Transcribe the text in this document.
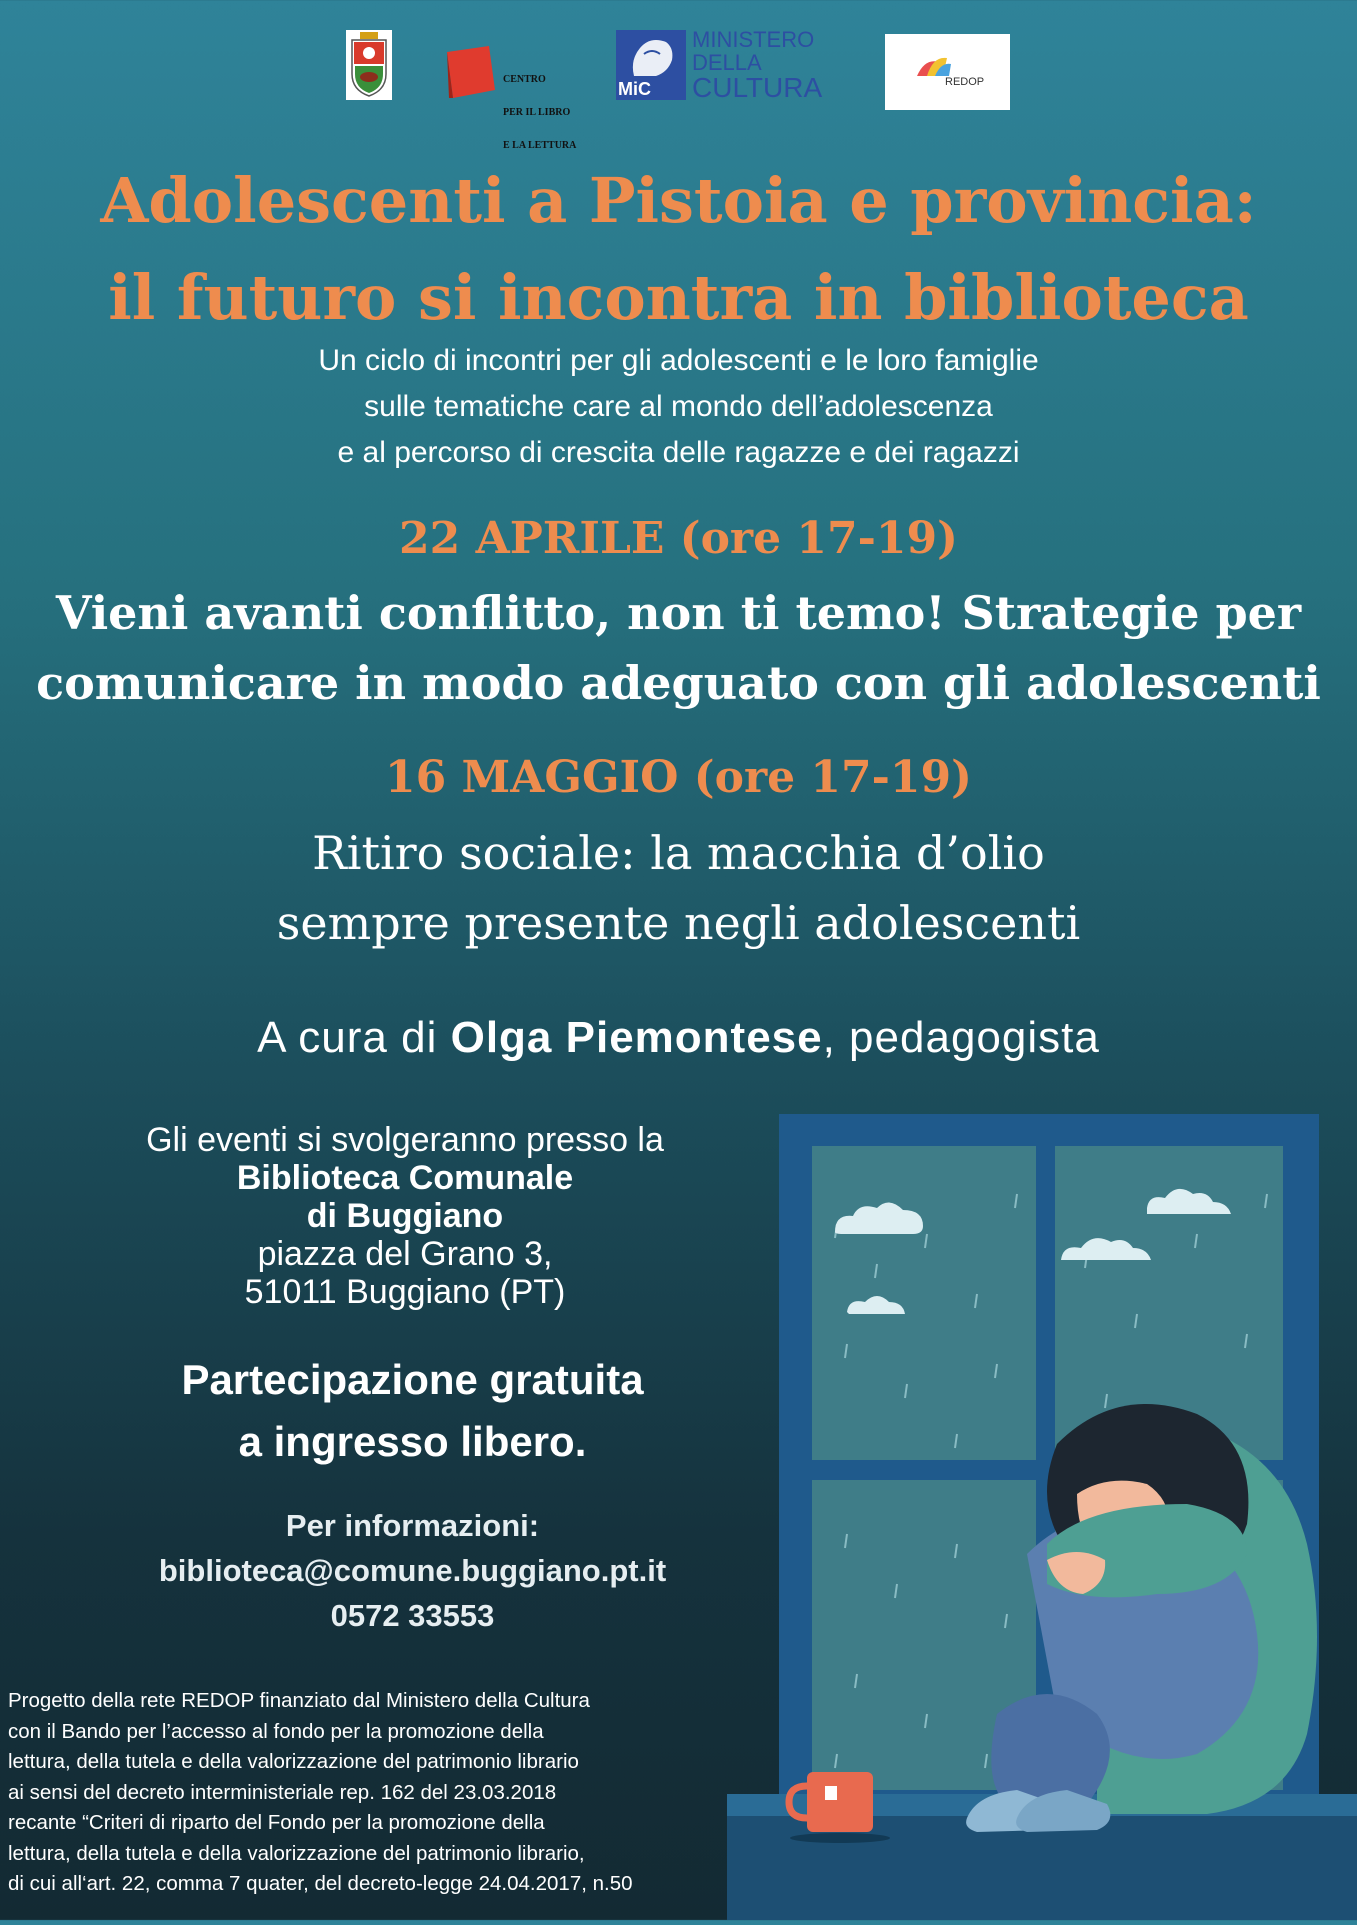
CENTRO

PER IL LIBRO

E LA LETTURA

MiC
MINISTERO
DELLA
CULTURA	REDOP
Adolescenti a Pistoia e provincia:
il futuro si incontra in biblioteca
Un ciclo di incontri per gli adolescenti e le loro famiglie
sulle tematiche care al mondo dell’adolescenza
e al percorso di crescita delle ragazze e dei ragazzi
22 APRILE (ore 17-19)
Vieni avanti conflitto, non ti temo! Strategie per
comunicare in modo adeguato con gli adolescenti
16 MAGGIO (ore 17-19)
Ritiro sociale: la macchia d’olio
sempre presente negli adolescenti
A cura di Olga Piemontese, pedagogista
Gli eventi si svolgeranno presso la
Biblioteca Comunale
di Buggiano
piazza del Grano 3,
51011 Buggiano (PT)
Partecipazione gratuita
a ingresso libero.
Per informazioni:
biblioteca@comune.buggiano.pt.it
0572 33553
Progetto della rete REDOP finanziato dal Ministero della Cultura
con il Bando per l’accesso al fondo per la promozione della
lettura, della tutela e della valorizzazione del patrimonio librario
ai sensi del decreto interministeriale rep. 162 del 23.03.2018
recante “Criteri di riparto del Fondo per la promozione della
lettura, della tutela e della valorizzazione del patrimonio librario,
di cui all‘art. 22, comma 7 quater, del decreto-legge 24.04.2017, n.50
